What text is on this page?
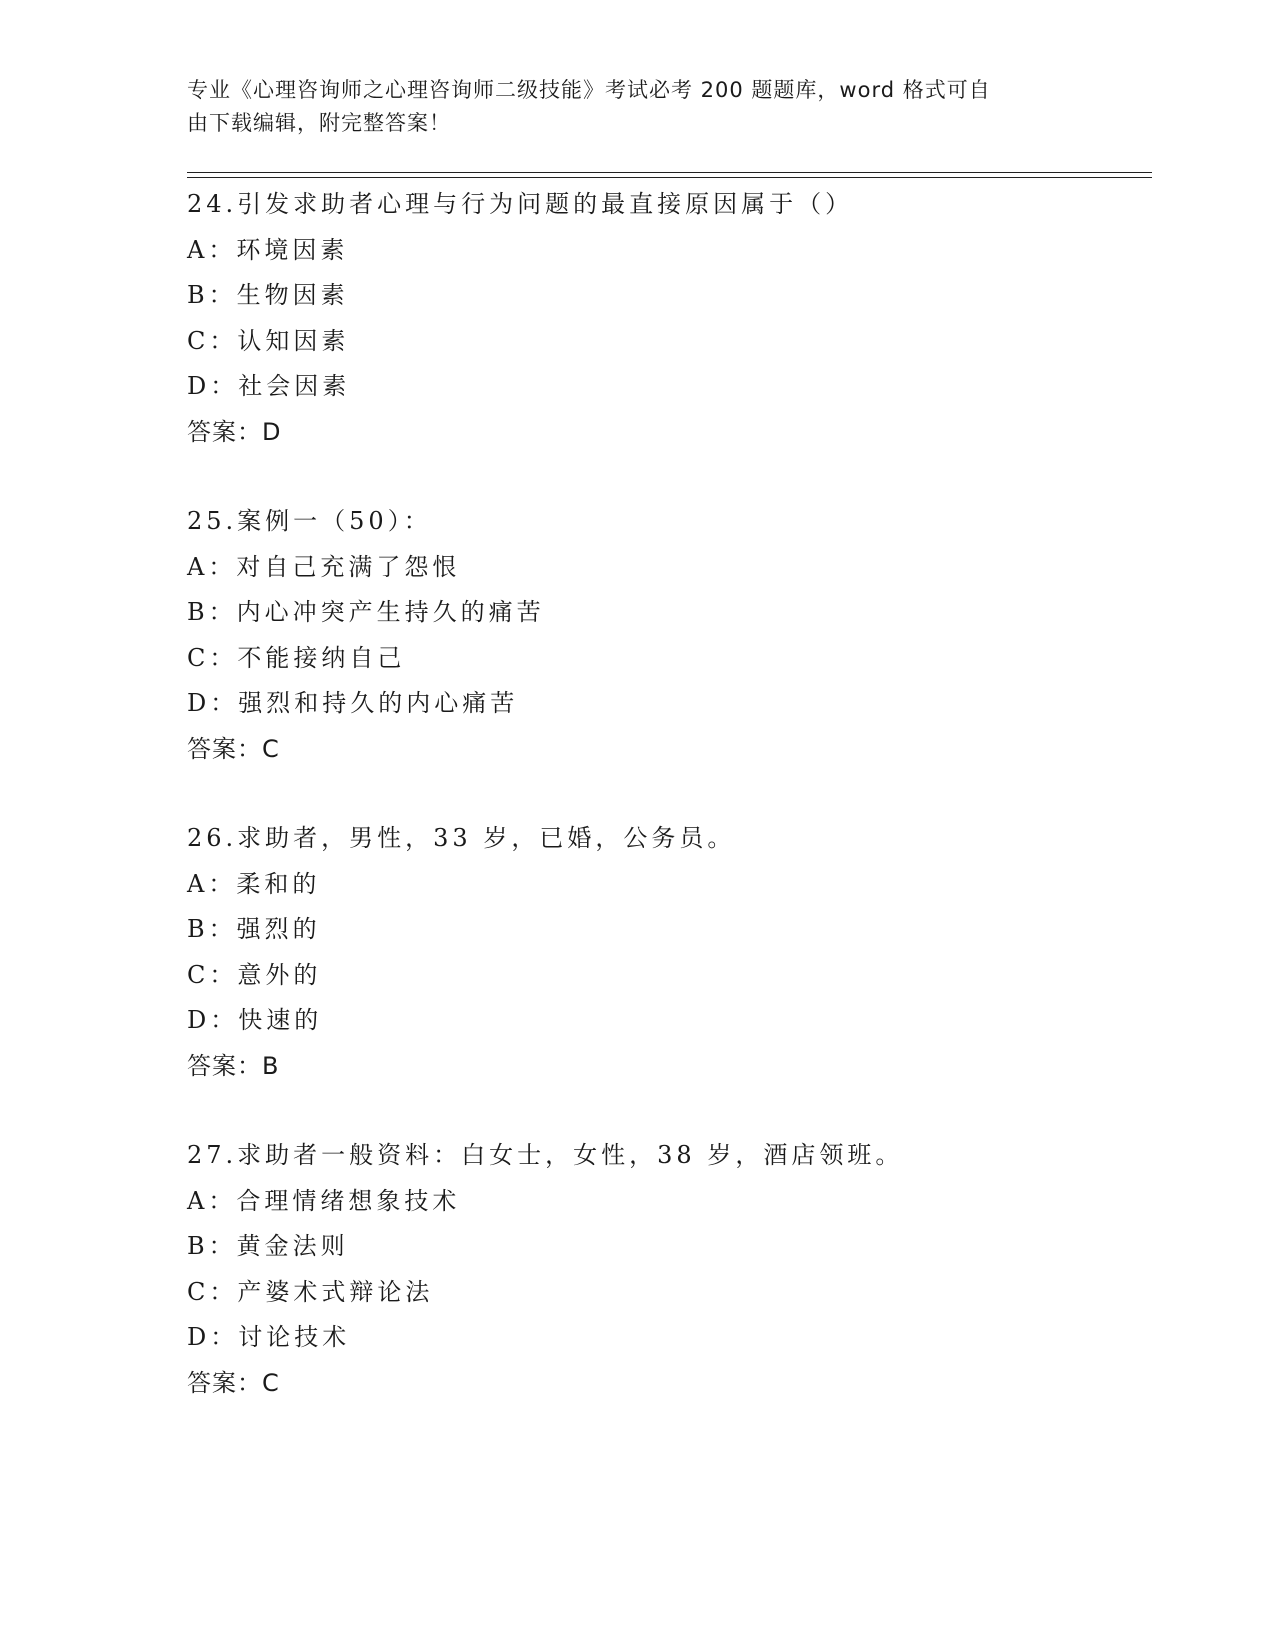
专业《心理咨询师之心理咨询师二级技能》考试必考 200 题题库，word 格式可自
由下载编辑，附完整答案！
24.引发求助者心理与行为问题的最直接原因属于（）
A：环境因素
B：生物因素
C：认知因素
D：社会因素
答案：D
25.案例一（50）：
A：对自己充满了怨恨
B：内心冲突产生持久的痛苦
C：不能接纳自己
D：强烈和持久的内心痛苦
答案：C
26.求助者，男性，33 岁，已婚，公务员。
A：柔和的
B：强烈的
C：意外的
D：快速的
答案：B
27.求助者一般资料：白女士，女性，38 岁，酒店领班。
A：合理情绪想象技术
B：黄金法则
C：产婆术式辩论法
D：讨论技术
答案：C
